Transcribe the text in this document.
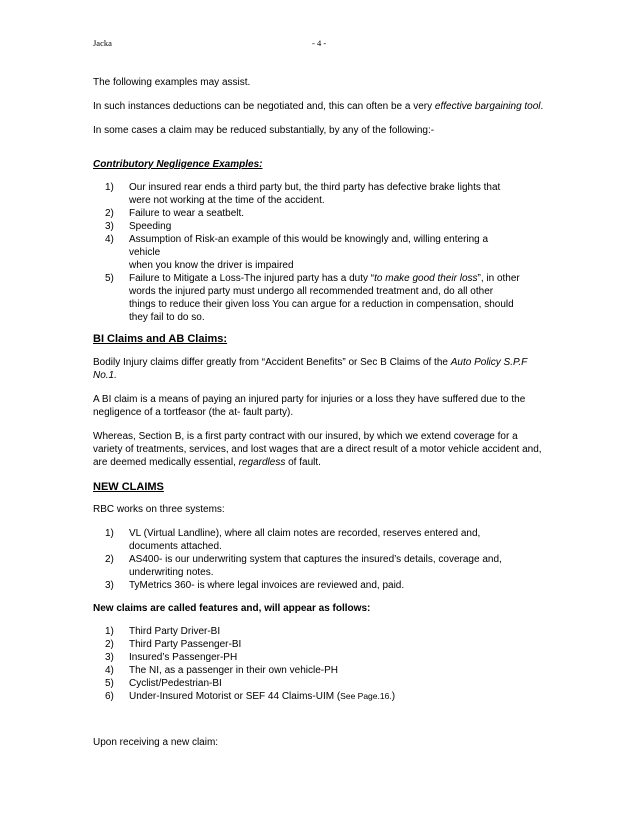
Jacka	- 4 -

The following examples may assist.

In such instances deductions can be negotiated and, this can often be a very effective bargaining tool.

In some cases a claim may be reduced substantially, by any of the following:-

Contributory Negligence Examples:

1) Our insured rear ends a third party but, the third party has defective brake lights that
were not working at the time of the accident.
2) Failure to wear a seatbelt.
3) Speeding
4) Assumption of Risk-an example of this would be knowingly and, willing entering a
vehicle
when you know the driver is impaired
5) Failure to Mitigate a Loss-The injured party has a duty “to make good their loss”, in other
words the injured party must undergo all recommended treatment and, do all other
things to reduce their given loss You can argue for a reduction in compensation, should
they fail to do so.

BI Claims and AB Claims:

Bodily Injury claims differ greatly from “Accident Benefits” or Sec B Claims of the Auto Policy S.P.F No.1.

A BI claim is a means of paying an injured party for injuries or a loss they have suffered due to the negligence of a tortfeasor (the at- fault party).

Whereas, Section B, is a first party contract with our insured, by which we extend coverage for a variety of treatments, services, and lost wages that are a direct result of a motor vehicle accident and, are deemed medically essential, regardless of fault.

NEW CLAIMS

RBC works on three systems:

1) VL (Virtual Landline), where all claim notes are recorded, reserves entered and,
documents attached.
2) AS400- is our underwriting system that captures the insured’s details, coverage and,
underwriting notes.
3) TyMetrics 360- is where legal invoices are reviewed and, paid.

New claims are called features and, will appear as follows:

1) Third Party Driver-BI
2) Third Party Passenger-BI
3) Insured’s Passenger-PH
4) The NI, as a passenger in their own vehicle-PH
5) Cyclist/Pedestrian-BI
6) Under-Insured Motorist or SEF 44 Claims-UIM (See Page.16.)

Upon receiving a new claim:
